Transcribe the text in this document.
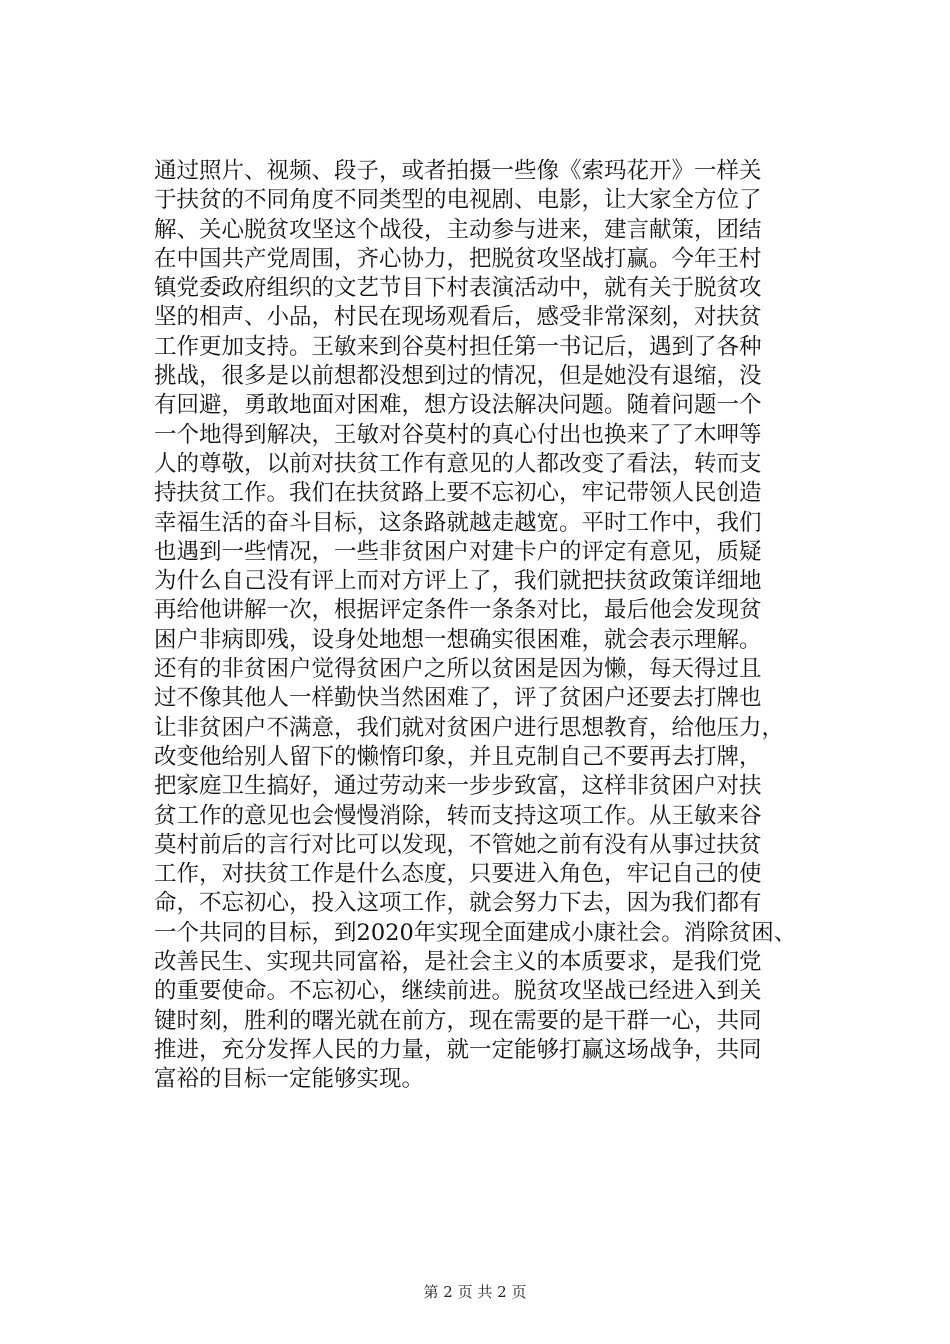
通过照片、视频、段子，或者拍摄一些像《索玛花开》一样关
于扶贫的不同角度不同类型的电视剧、电影，让大家全方位了
解、关心脱贫攻坚这个战役，主动参与进来，建言献策，团结
在中国共产党周围，齐心协力，把脱贫攻坚战打赢。今年王村
镇党委政府组织的文艺节目下村表演活动中，就有关于脱贫攻
坚的相声、小品，村民在现场观看后，感受非常深刻，对扶贫
工作更加支持。王敏来到谷莫村担任第一书记后，遇到了各种
挑战，很多是以前想都没想到过的情况，但是她没有退缩，没
有回避，勇敢地面对困难，想方设法解决问题。随着问题一个
一个地得到解决，王敏对谷莫村的真心付出也换来了了木呷等
人的尊敬，以前对扶贫工作有意见的人都改变了看法，转而支
持扶贫工作。我们在扶贫路上要不忘初心，牢记带领人民创造
幸福生活的奋斗目标，这条路就越走越宽。平时工作中，我们
也遇到一些情况，一些非贫困户对建卡户的评定有意见，质疑
为什么自己没有评上而对方评上了，我们就把扶贫政策详细地
再给他讲解一次，根据评定条件一条条对比，最后他会发现贫
困户非病即残，设身处地想一想确实很困难，就会表示理解。
还有的非贫困户觉得贫困户之所以贫困是因为懒，每天得过且
过不像其他人一样勤快当然困难了，评了贫困户还要去打牌也
让非贫困户不满意，我们就对贫困户进行思想教育，给他压力，
改变他给别人留下的懒惰印象，并且克制自己不要再去打牌，
把家庭卫生搞好，通过劳动来一步步致富，这样非贫困户对扶
贫工作的意见也会慢慢消除，转而支持这项工作。从王敏来谷
莫村前后的言行对比可以发现，不管她之前有没有从事过扶贫
工作，对扶贫工作是什么态度，只要进入角色，牢记自己的使
命，不忘初心，投入这项工作，就会努力下去，因为我们都有
一个共同的目标，到2020年实现全面建成小康社会。消除贫困、
改善民生、实现共同富裕，是社会主义的本质要求，是我们党
的重要使命。不忘初心，继续前进。脱贫攻坚战已经进入到关
键时刻，胜利的曙光就在前方，现在需要的是干群一心，共同
推进，充分发挥人民的力量，就一定能够打赢这场战争，共同
富裕的目标一定能够实现。
第 2 页 共 2 页
